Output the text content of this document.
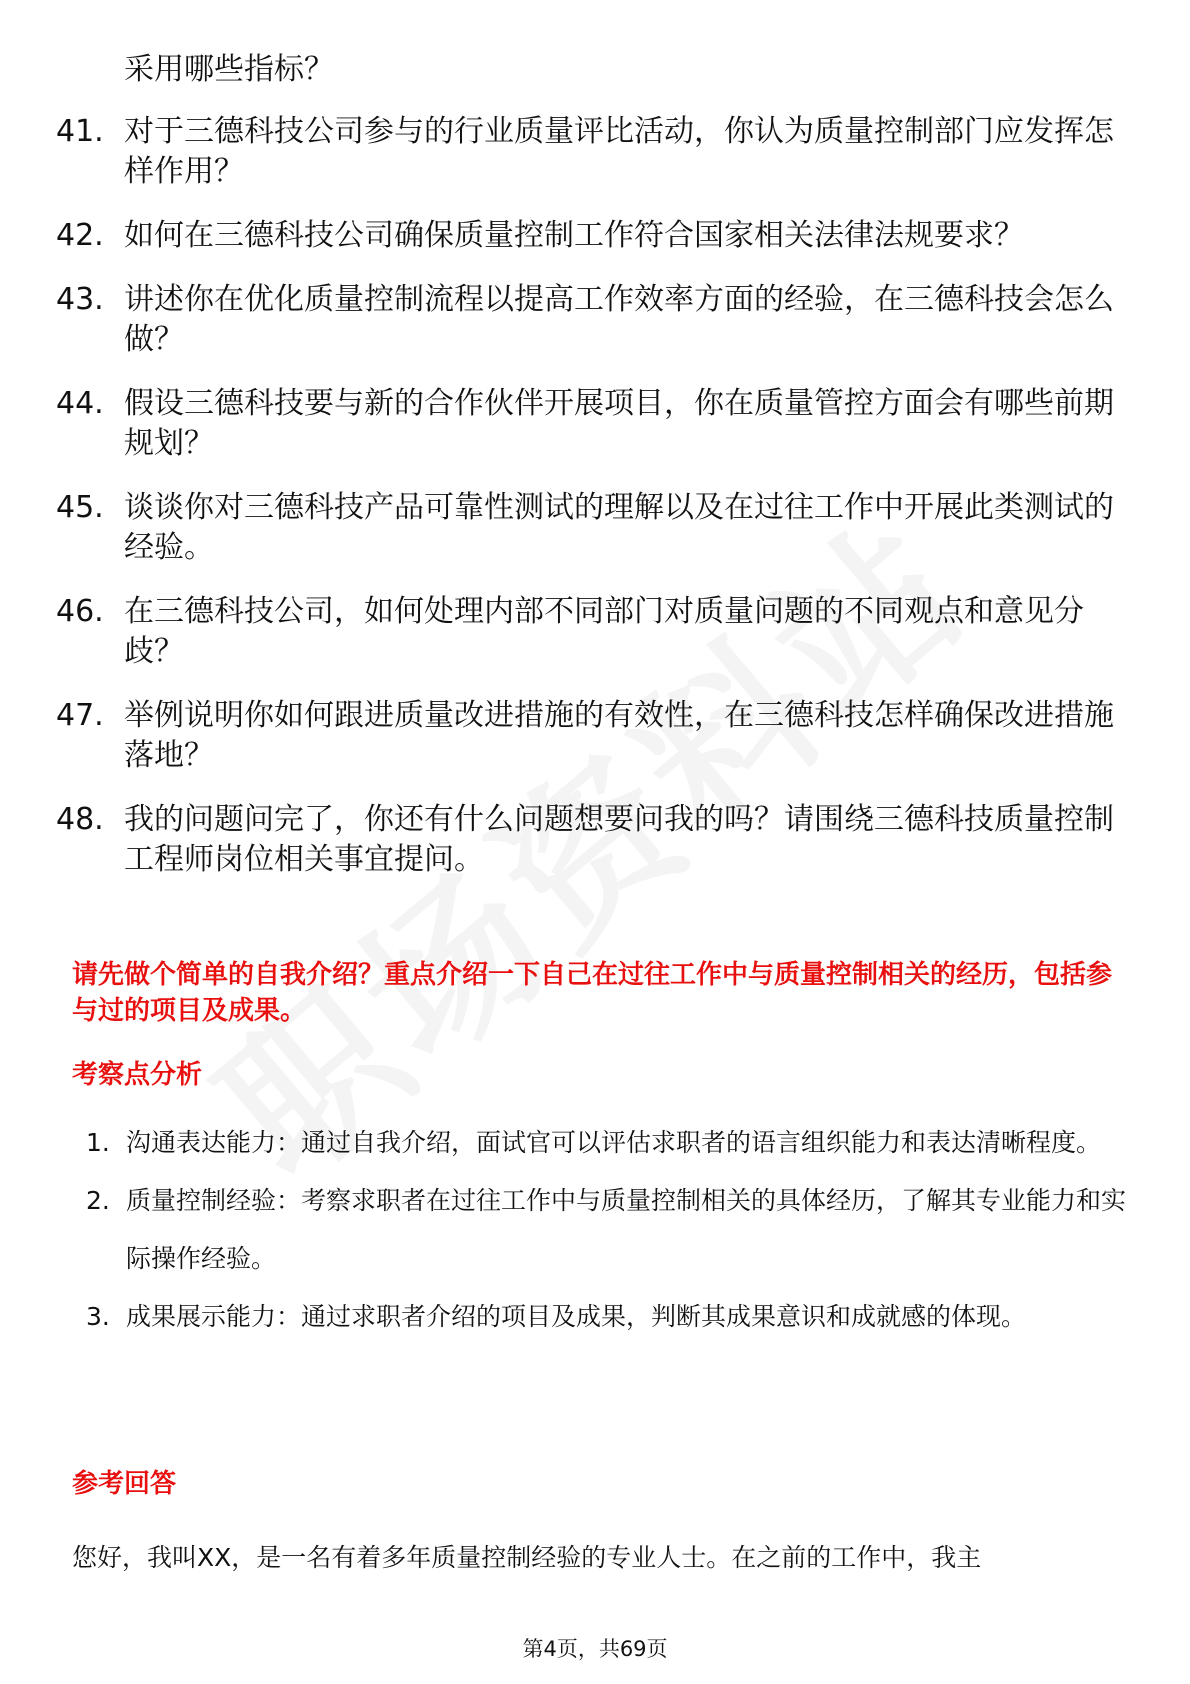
采用哪些指标？
41. 对于三德科技公司参与的行业质量评比活动，你认为质量控制部门应发挥怎样作用？
42. 如何在三德科技公司确保质量控制工作符合国家相关法律法规要求？
43. 讲述你在优化质量控制流程以提高工作效率方面的经验，在三德科技会怎么做？
44. 假设三德科技要与新的合作伙伴开展项目，你在质量管控方面会有哪些前期规划？
45. 谈谈你对三德科技产品可靠性测试的理解以及在过往工作中开展此类测试的经验。
46. 在三德科技公司，如何处理内部不同部门对质量问题的不同观点和意见分歧？
47. 举例说明你如何跟进质量改进措施的有效性，在三德科技怎样确保改进措施落地？
48. 我的问题问完了，你还有什么问题想要问我的吗？请围绕三德科技质量控制工程师岗位相关事宜提问。
请先做个简单的自我介绍？重点介绍一下自己在过往工作中与质量控制相关的经历，包括参与过的项目及成果。
考察点分析
1. 沟通表达能力：通过自我介绍，面试官可以评估求职者的语言组织能力和表达清晰程度。
2. 质量控制经验：考察求职者在过往工作中与质量控制相关的具体经历，了解其专业能力和实际操作经验。
3. 成果展示能力：通过求职者介绍的项目及成果，判断其成果意识和成就感的体现。
参考回答
您好，我叫XX，是一名有着多年质量控制经验的专业人士。在之前的工作中，我主
第4页，共69页
